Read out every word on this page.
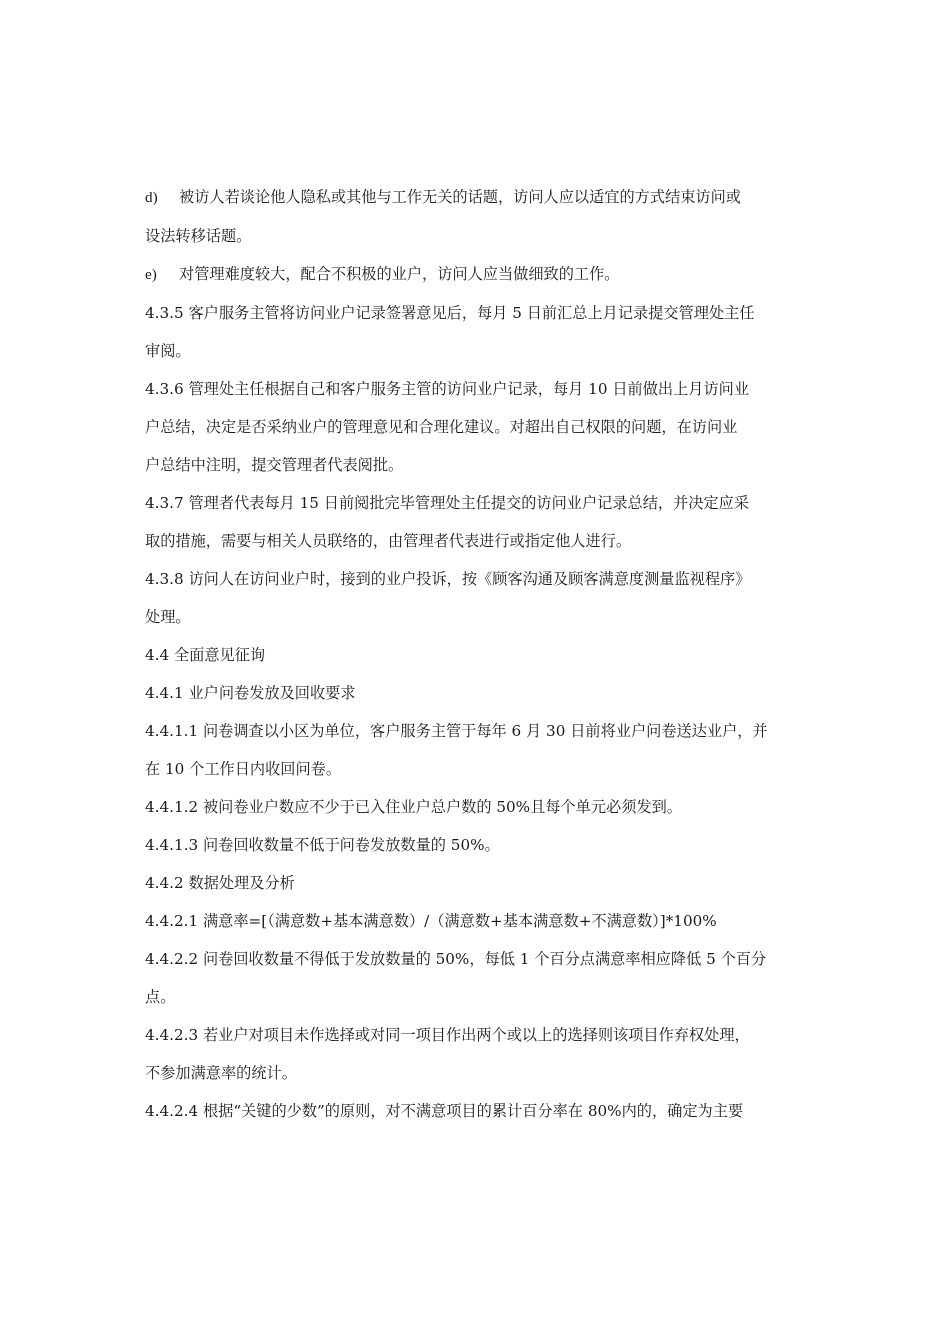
d) 被访人若谈论他人隐私或其他与工作无关的话题，访问人应以适宜的方式结束访问或

设法转移话题。

e) 对管理难度较大，配合不积极的业户，访问人应当做细致的工作。

4.3.5 客户服务主管将访问业户记录签署意见后，每月 5 日前汇总上月记录提交管理处主任

审阅。

4.3.6 管理处主任根据自己和客户服务主管的访问业户记录，每月 10 日前做出上月访问业

户总结，决定是否采纳业户的管理意见和合理化建议。对超出自己权限的问题，在访问业

户总结中注明，提交管理者代表阅批。

4.3.7 管理者代表每月 15 日前阅批完毕管理处主任提交的访问业户记录总结，并决定应采

取的措施，需要与相关人员联络的，由管理者代表进行或指定他人进行。

4.3.8 访问人在访问业户时，接到的业户投诉，按《顾客沟通及顾客满意度测量监视程序》

处理。

4.4 全面意见征询

4.4.1 业户问卷发放及回收要求

4.4.1.1 问卷调查以小区为单位，客户服务主管于每年 6 月 30 日前将业户问卷送达业户，并

在 10 个工作日内收回问卷。

4.4.1.2 被问卷业户数应不少于已入住业户总户数的 50%且每个单元必须发到。

4.4.1.3 问卷回收数量不低于问卷发放数量的 50%。

4.4.2 数据处理及分析

4.4.2.1 满意率=[（满意数+基本满意数）/（满意数+基本满意数+不满意数）]*100%

4.4.2.2 问卷回收数量不得低于发放数量的 50%，每低 1 个百分点满意率相应降低 5 个百分

点。

4.4.2.3 若业户对项目未作选择或对同一项目作出两个或以上的选择则该项目作弃权处理，

不参加满意率的统计。

4.4.2.4 根据“关键的少数”的原则，对不满意项目的累计百分率在 80%内的，确定为主要
